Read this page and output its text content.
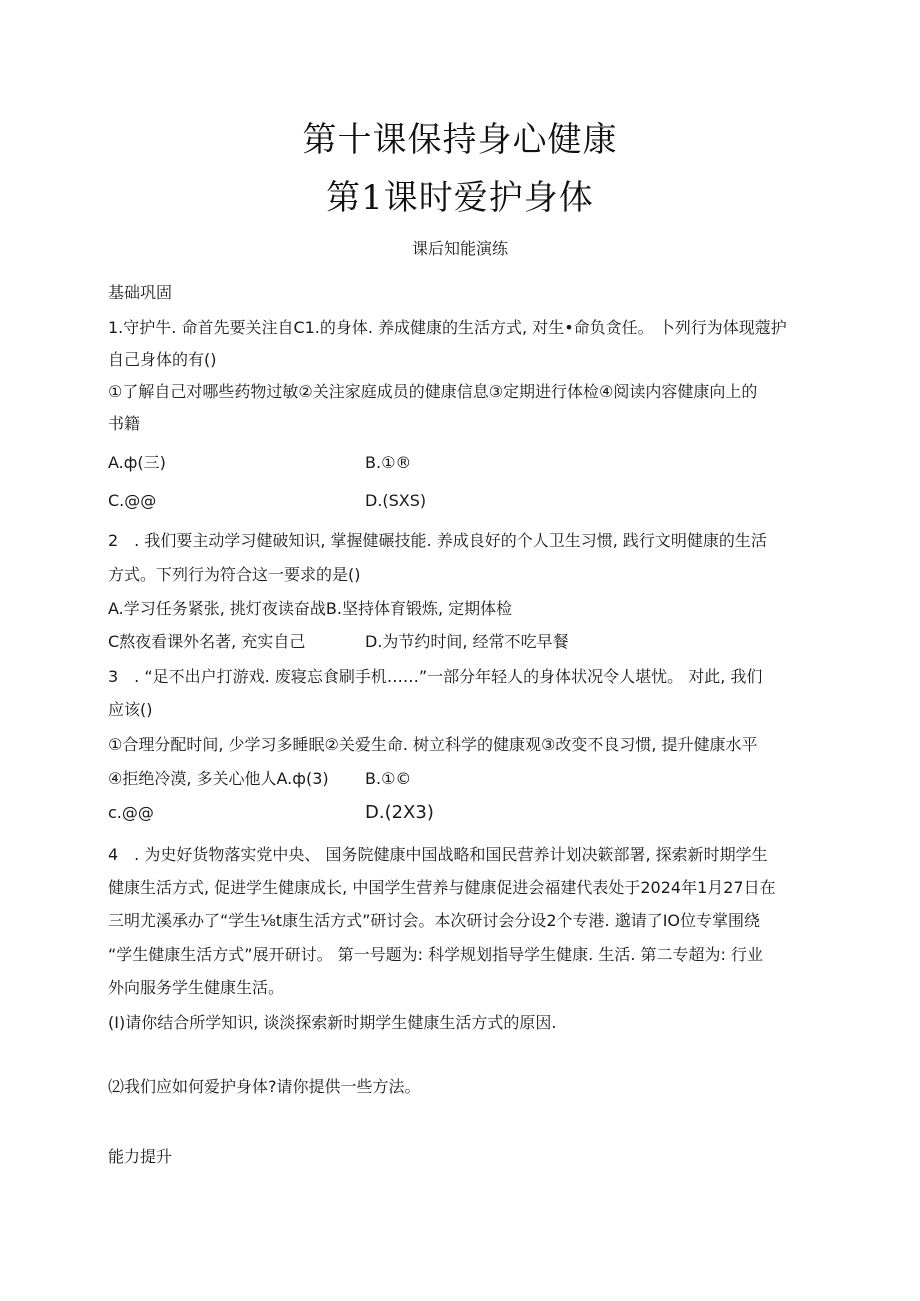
第十课保持身心健康
第1课时爱护身体
课后知能演练
基础巩固
1.守护牛. 命首先要关注自C1.的身体. 养成健康的生活方式, 对生•命负贪任。 卜列行为体现蔻护
自己身体的有()
①了解自己对哪些药物过敏②关注家庭成员的健康信息③定期进行体检④阅读内容健康向上的
书籍
A.ф(三)	B.①®
C.@@	D.(SXS)
2　. 我们要主动学习健破知识, 掌握健碾技能. 养成良好的个人卫生习惯, 践行文明健康的生活
方式。下列行为符合这一要求的是()
A.学习任务紧张, 挑灯夜读奋战B.坚持体育锻炼, 定期体检
C熬夜看课外名著, 充实自己	D.为节约时间, 经常不吃早餐
3　. “足不出户打游戏. 废寝忘食刷手机……”一部分年轻人的身体状况令人堪忧。 对此, 我们
应该()
①合理分配时间, 少学习多睡眠②关爱生命. 树立科学的健康观③改变不良习惯, 提升健康水平
④拒绝冷漠, 多关心他人A.ф(3) B.①©
c.@@	D.(2X3)
4　. 为史好货物落实党中央、 国务院健康中国战略和国民营养计划决簌部署, 探索新时期学生
健康生活方式, 促进学生健康成长, 中国学生营养与健康促进会福建代表处于2024年1月27日在
三明尤溪承办了“学生⅛t康生活方式”研讨会。本次研讨会分设2个专港. 邈请了IO位专掌围绕
“学生健康生活方式”展开研讨。 第一号题为: 科学规划指导学生健康. 生活. 第二专超为: 行业
外向服务学生健康生活。
(I)请你结合所学知识, 谈淡探索新时期学生健康生活方式的原因.
⑵我们应如何爱护身体?请你提供一些方法。
能力提升
